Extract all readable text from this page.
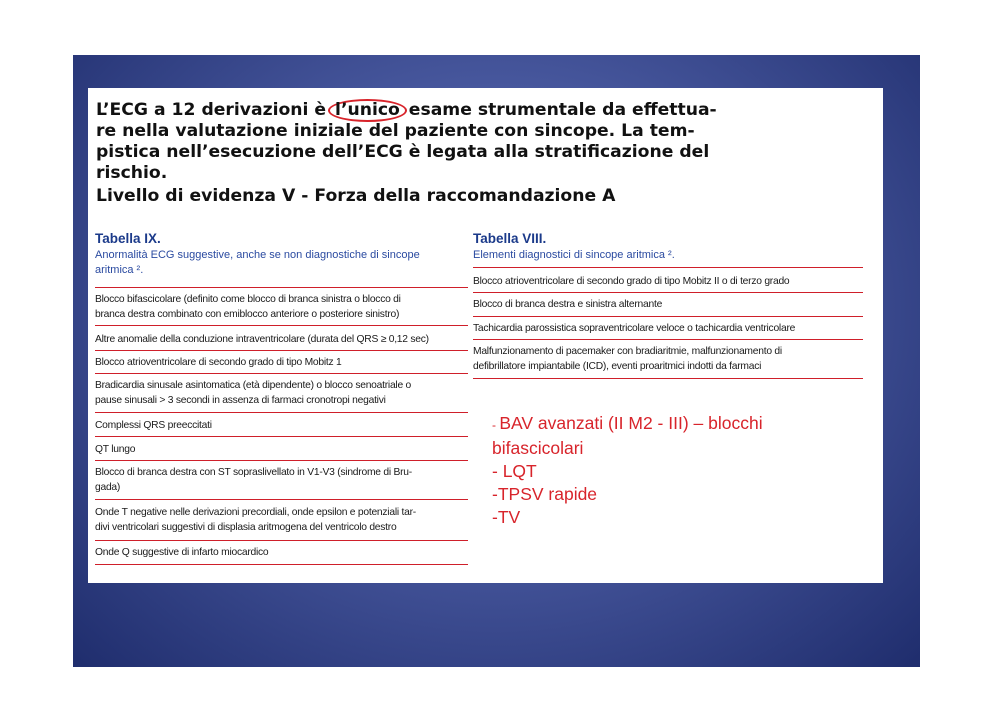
L’ECG a 12 derivazioni è l’unico esame strumentale da effettua-
re nella valutazione iniziale del paziente con sincope. La tem-
pistica nell’esecuzione dell’ECG è legata alla stratificazione del
rischio.
Livello di evidenza V - Forza della raccomandazione A
Tabella IX.
Anormalità ECG suggestive, anche se non diagnostiche di sincope
aritmica ².
Blocco bifascicolare (definito come blocco di branca sinistra o blocco di
branca destra combinato con emiblocco anteriore o posteriore sinistro)
Altre anomalie della conduzione intraventricolare (durata del QRS ≥ 0,12 sec)
Blocco atrioventricolare di secondo grado di tipo Mobitz 1
Bradicardia sinusale asintomatica (età dipendente) o blocco senoatriale o
pause sinusali > 3 secondi in assenza di farmaci cronotropi negativi
Complessi QRS preeccitati
QT lungo
Blocco di branca destra con ST sopraslivellato in V1-V3 (sindrome di Bru-
gada)
Onde T negative nelle derivazioni precordiali, onde epsilon e potenziali tar-
divi ventricolari suggestivi di displasia aritmogena del ventricolo destro
Onde Q suggestive di infarto miocardico
Tabella VIII.
Elementi diagnostici di sincope aritmica ².
Blocco atrioventricolare di secondo grado di tipo Mobitz II o di terzo grado
Blocco di branca destra e sinistra alternante
Tachicardia parossistica sopraventricolare veloce o tachicardia ventricolare
Malfunzionamento di pacemaker con bradiaritmie, malfunzionamento di
defibrillatore impiantabile (ICD), eventi proaritmici indotti da farmaci
- BAV avanzati (II M2 - III) – blocchi
bifascicolari
- LQT
-TPSV rapide
-TV
